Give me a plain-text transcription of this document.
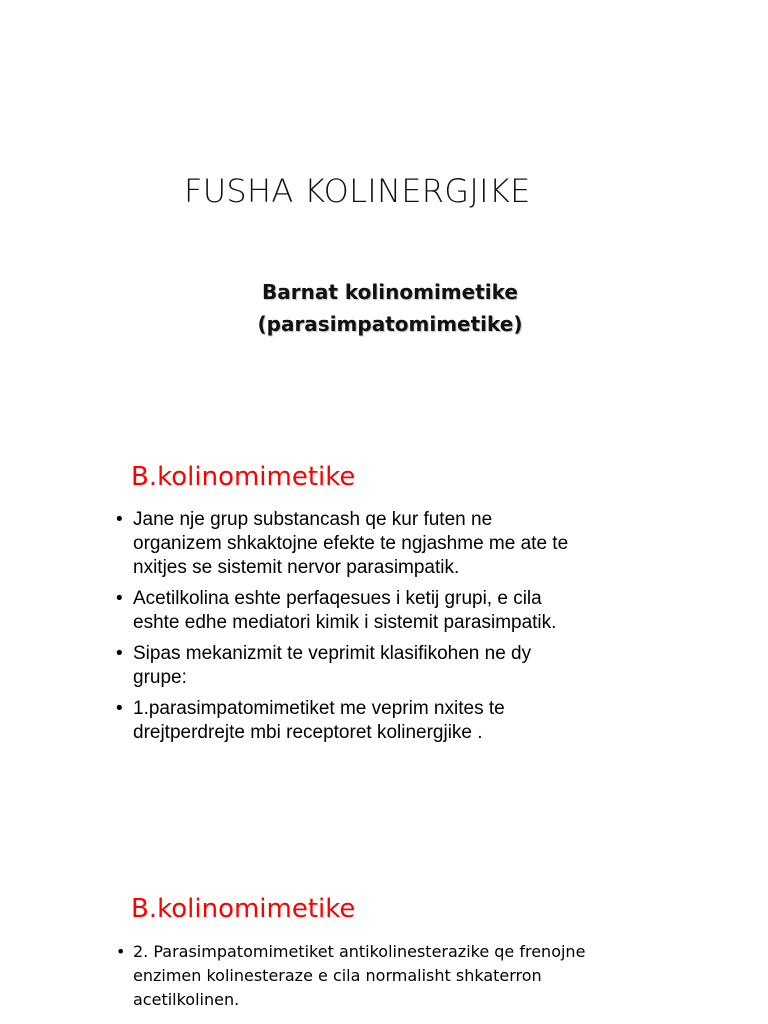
FUSHA KOLINERGJIKE
Barnat kolinomimetike
(parasimpatomimetike)
B.kolinomimetike
• Jane nje grup substancash qe kur futen ne
organizem shkaktojne efekte te ngjashme me ate te
nxitjes se sistemit nervor parasimpatik.
• Acetilkolina eshte perfaqesues i ketij grupi, e cila
eshte edhe mediatori kimik i sistemit parasimpatik.
• Sipas mekanizmit te veprimit klasifikohen ne dy
grupe:
• 1.parasimpatomimetiket me veprim nxites te
drejtperdrejte mbi receptoret kolinergjike .
B.kolinomimetike
• 2. Parasimpatomimetiket antikolinesterazike qe frenojne
enzimen kolinesteraze e cila normalisht shkaterron
acetilkolinen.
